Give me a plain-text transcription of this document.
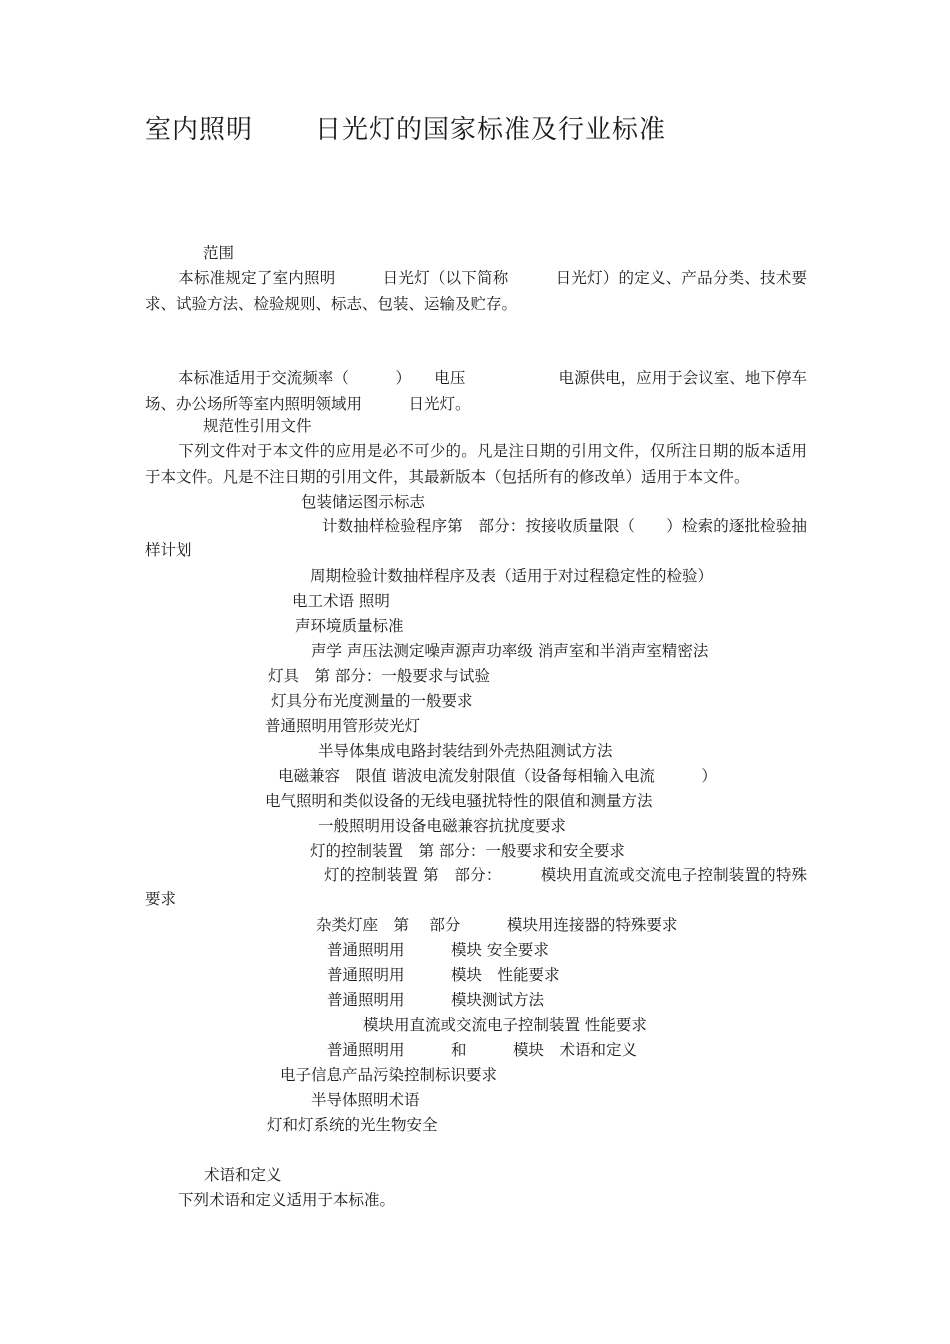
室内照明 日光灯的国家标准及行业标准
范围
本标准规定了室内照明　　　日光灯（以下简称　　　日光灯）的定义、产品分类、技术要求、试验方法、检验规则、标志、包装、运输及贮存。
本标准适用于交流频率（　　　）　　电压　　　　　　电源供电，应用于会议室、地下停车场、办公场所等室内照明领域用　　　日光灯。
规范性引用文件
下列文件对于本文件的应用是必不可少的。凡是注日期的引用文件，仅所注日期的版本适用于本文件。凡是不注日期的引用文件，其最新版本（包括所有的修改单）适用于本文件。
包装储运图示标志
计数抽样检验程序第　部分：按接收质量限（　　）检索的逐批检验抽样计划
周期检验计数抽样程序及表（适用于对过程稳定性的检验）
电工术语 照明
声环境质量标准
声学 声压法测定噪声源声功率级 消声室和半消声室精密法
灯具　第 部分：一般要求与试验
灯具分布光度测量的一般要求
普通照明用管形荧光灯
半导体集成电路封装结到外壳热阻测试方法
电磁兼容　限值 谐波电流发射限值（设备每相输入电流　　　）
电气照明和类似设备的无线电骚扰特性的限值和测量方法
一般照明用设备电磁兼容抗扰度要求
灯的控制装置　第 部分：一般要求和安全要求
灯的控制装置 第　部分：　　　模块用直流或交流电子控制装置的特殊要求
杂类灯座　第　 部分　　　模块用连接器的特殊要求
普通照明用　　　模块 安全要求
普通照明用　　　模块　性能要求
普通照明用　　　模块测试方法
模块用直流或交流电子控制装置 性能要求
普通照明用　　　和　　　模块　术语和定义
电子信息产品污染控制标识要求
半导体照明术语
灯和灯系统的光生物安全
术语和定义
下列术语和定义适用于本标准。
